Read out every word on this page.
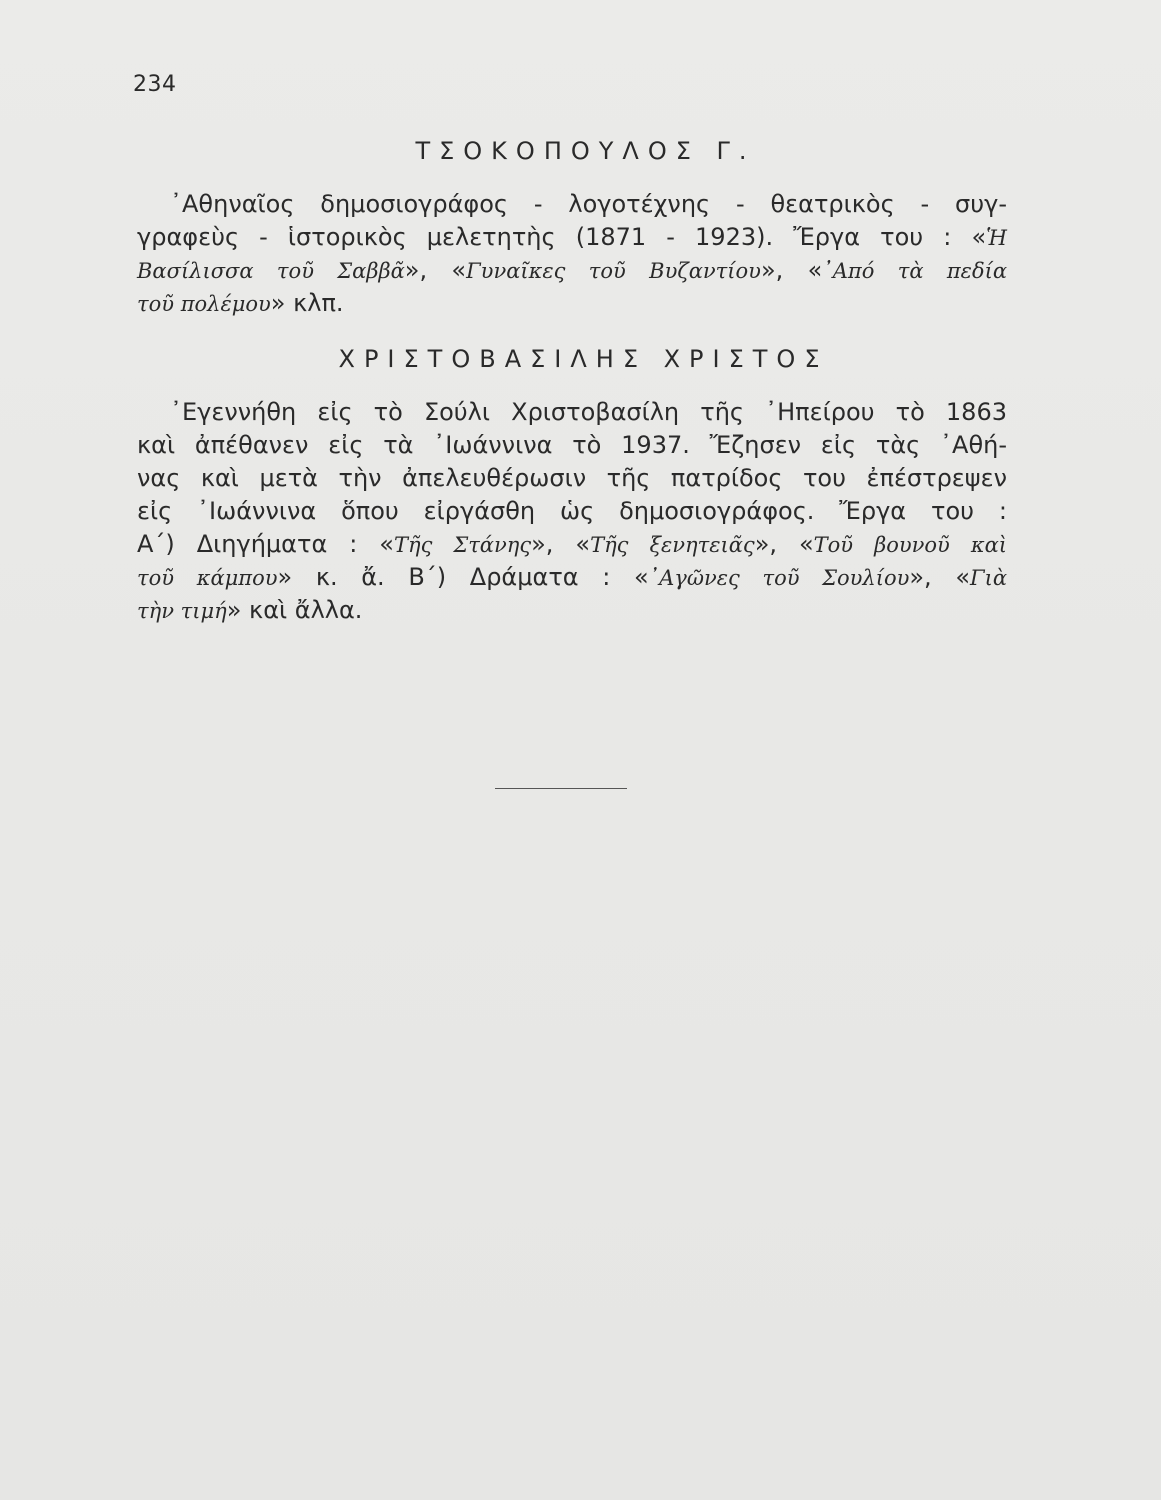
234
ΤΣΟΚΟΠΟΥΛΟΣ Γ.
᾿Αθηναῖος δημοσιογράφος - λογοτέχνης - θεατρικὸς - συγ-
γραφεὺς - ἱστορικὸς μελετητὴς (1871 - 1923). Ἔργα του : «Ἡ
Βασίλισσα τοῦ Σαββᾶ», «Γυναῖκες τοῦ Βυζαντίου», «᾿Από τὰ πεδία
τοῦ πολέμου» κλπ.
ΧΡΙΣΤΟΒΑΣΙΛΗΣ ΧΡΙΣΤΟΣ
᾿Εγεννήθη εἰς τὸ Σούλι Χριστοβασίλη τῆς ᾿Ηπείρου τὸ 1863
καὶ ἀπέθανεν εἰς τὰ ᾿Ιωάννινα τὸ 1937. Ἔζησεν εἰς τὰς ᾿Αθή-
νας καὶ μετὰ τὴν ἀπελευθέρωσιν τῆς πατρίδος του ἐπέστρεψεν
εἰς ᾿Ιωάννινα ὅπου εἰργάσθη ὡς δημοσιογράφος. Ἔργα του :
Α΄) Διηγήματα : «Τῆς Στάνης», «Τῆς ξενητειᾶς», «Τοῦ βουνοῦ καὶ
τοῦ κάμπου» κ. ἄ. Β΄) Δράματα : «᾿Αγῶνες τοῦ Σουλίου», «Γιὰ
τὴν τιμή» καὶ ἄλλα.
